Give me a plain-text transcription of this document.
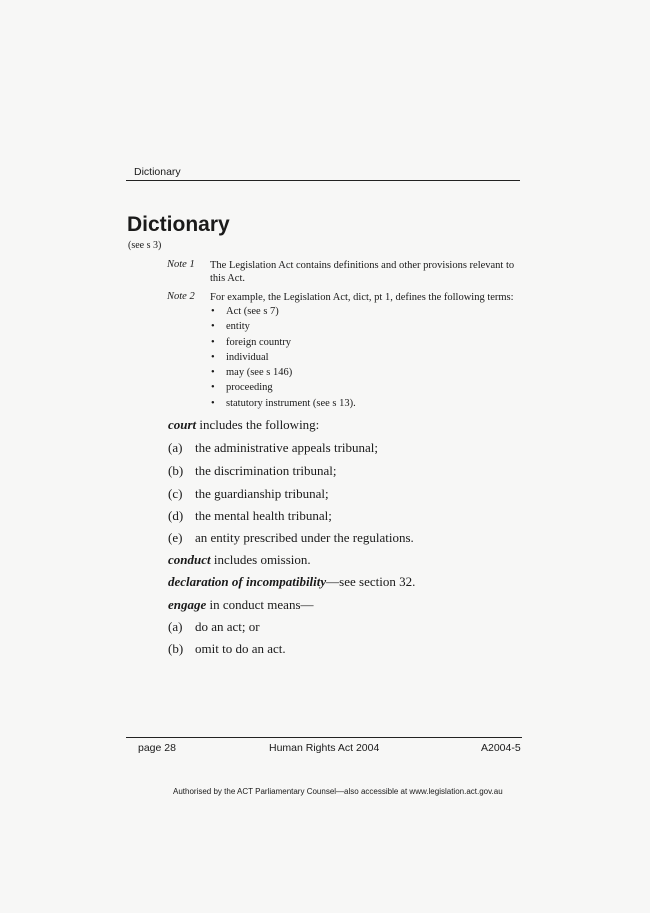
Dictionary
Dictionary
(see s 3)
Note 1 The Legislation Act contains definitions and other provisions relevant to this Act.
Note 2 For example, the Legislation Act, dict, pt 1, defines the following terms:
• Act (see s 7)
• entity
• foreign country
• individual
• may (see s 146)
• proceeding
• statutory instrument (see s 13).
court includes the following:
(a) the administrative appeals tribunal;
(b) the discrimination tribunal;
(c) the guardianship tribunal;
(d) the mental health tribunal;
(e) an entity prescribed under the regulations.
conduct includes omission.
declaration of incompatibility—see section 32.
engage in conduct means—
(a) do an act; or
(b) omit to do an act.
page 28	Human Rights Act 2004	A2004-5
Authorised by the ACT Parliamentary Counsel—also accessible at www.legislation.act.gov.au
